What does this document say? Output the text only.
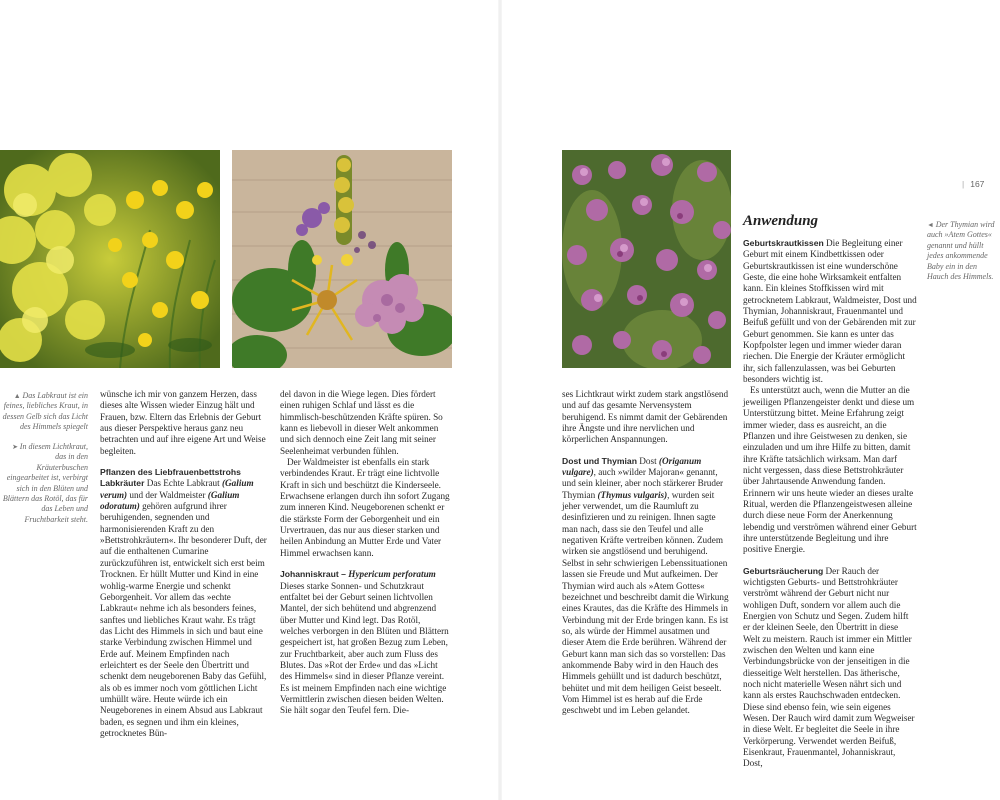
| 167
▲ Das Labkraut ist ein feines, liebliches Kraut, in dessen Gelb sich das Licht des Himmels spiegelt
➤ In diesem Lichtkraut, das in den Kräuterbuschen eingearbeitet ist, verbirgt sich in den Blüten und Blättern das Rotöl, das für das Leben und Fruchtbarkeit steht.

wünsche ich mir von ganzem Herzen, dass dieses alte Wissen wieder Einzug hält und Frauen, bzw. Eltern das Erlebnis der Geburt aus dieser Perspektive heraus ganz neu betrachten und auf ihre eigene Art und Weise begleiten.

Pflanzen des Liebfrauenbettstrohs

Labkräuter Das Echte Labkraut (Galium verum) und der Waldmeister (Galium odoratum) gehören aufgrund ihrer beruhigenden, segnenden und harmonisierenden Kraft zu den »Bettstrohkräutern«. Ihr besonderer Duft, der auf die enthaltenen Cumarine zurückzuführen ist, entwickelt sich erst beim Trocknen. Er hüllt Mutter und Kind in eine wohlig-warme Energie und schenkt Geborgenheit. Vor allem das »echte Labkraut« nehme ich als besonders feines, sanftes und liebliches Kraut wahr. Es trägt das Licht des Himmels in sich und baut eine starke Verbindung zwischen Himmel und Erde auf. Meinem Empfinden nach erleichtert es der Seele den Übertritt und schenkt dem neugeborenen Baby das Gefühl, als ob es immer noch vom göttlichen Licht umhüllt wäre. Heute würde ich ein Neugeborenes in einem Absud aus Labkraut baden, es segnen und ihm ein kleines, getrocknetes Bün-

del davon in die Wiege legen. Dies fördert einen ruhigen Schlaf und lässt es die himmlisch-beschützenden Kräfte spüren. So kann es liebevoll in dieser Welt ankommen und sich dennoch eine Zeit lang mit seiner Seelenheimat verbunden fühlen.

Der Waldmeister ist ebenfalls ein stark verbindendes Kraut. Er trägt eine lichtvolle Kraft in sich und beschützt die Kinderseele. Erwachsene erlangen durch ihn sofort Zugang zum inneren Kind. Neugeborenen schenkt er die stärkste Form der Geborgenheit und ein Urvertrauen, das nur aus dieser starken und heilen Anbindung an Mutter Erde und Vater Himmel erwachsen kann.

Johanniskraut – Hypericum perforatum Dieses starke Sonnen- und Schutzkraut entfaltet bei der Geburt seinen lichtvollen Mantel, der sich behütend und abgrenzend über Mutter und Kind legt. Das Rotöl, welches verborgen in den Blüten und Blättern gespeichert ist, hat großen Bezug zum Leben, zur Fruchtbarkeit, aber auch zum Fluss des Blutes. Das »Rot der Erde« und das »Licht des Himmels« sind in dieser Pflanze vereint. Es ist meinem Empfinden nach eine wichtige Vermittlerin zwischen diesen beiden Welten. Sie hält sogar den Teufel fern. Die-

ses Lichtkraut wirkt zudem stark angstlösend und auf das gesamte Nervensystem beruhigend. Es nimmt damit der Gebärenden ihre Ängste und ihre nervlichen und körperlichen Anspannungen.

Dost und Thymian Dost (Origanum vulgare), auch »wilder Majoran« genannt, und sein kleiner, aber noch stärkerer Bruder Thymian (Thymus vulgaris), wurden seit jeher verwendet, um die Raumluft zu desinfizieren und zu reinigen. Ihnen sagte man nach, dass sie den Teufel und alle negativen Kräfte vertreiben können. Zudem wirken sie angstlösend und beruhigend. Selbst in sehr schwierigen Lebenssituationen lassen sie Freude und Mut aufkeimen. Der Thymian wird auch als »Atem Gottes« bezeichnet und beschreibt damit die Wirkung eines Krautes, das die Kräfte des Himmels in Verbindung mit der Erde bringen kann. Es ist so, als würde der Himmel ausatmen und dieser Atem die Erde berühren. Während der Geburt kann man sich das so vorstellen: Das ankommende Baby wird in den Hauch des Himmels gehüllt und ist dadurch beschützt, behütet und mit dem heiligen Geist beseelt. Vom Himmel ist es herab auf die Erde geschwebt und im Leben gelandet.

Anwendung

Geburtskrautkissen Die Begleitung einer Geburt mit einem Kindbettkissen oder Geburtskrautkissen ist eine wunderschöne Geste, die eine hohe Wirksamkeit entfalten kann. Ein kleines Stoffkissen wird mit getrocknetem Labkraut, Waldmeister, Dost und Thymian, Johanniskraut, Frauenmantel und Beifuß gefüllt und von der Gebärenden mit zur Geburt genommen. Sie kann es unter das Kopfpolster legen und immer wieder daran riechen. Die Energie der Kräuter ermöglicht ihr, sich fallenzulassen, was bei Geburten besonders wichtig ist.

Es unterstützt auch, wenn die Mutter an die jeweiligen Pflanzengeister denkt und diese um Unterstützung bittet. Meine Erfahrung zeigt immer wieder, dass es ausreicht, an die Pflanzen und ihre Geistwesen zu denken, sie einzuladen und um ihre Hilfe zu bitten, damit ihre Kräfte tatsächlich wirksam. Man darf nicht vergessen, dass diese Bettstrohkräuter über Jahrtausende Anwendung fanden. Erinnern wir uns heute wieder an dieses uralte Ritual, werden die Pflanzengeistwesen alleine durch diese neue Form der Anerkennung lebendig und verströmen während einer Geburt ihre unterstützende Begleitung und ihre positive Energie.

Geburtsräucherung Der Rauch der wichtigsten Geburts- und Bettstrohkräuter verströmt während der Geburt nicht nur wohligen Duft, sondern vor allem auch die Energien von Schutz und Segen. Zudem hilft er der kleinen Seele, den Übertritt in diese Welt zu meistern. Rauch ist immer ein Mittler zwischen den Welten und kann eine Verbindungsbrücke von der jenseitigen in die diesseitige Welt herstellen. Das ätherische, noch nicht materielle Wesen nährt sich und kann als erstes Rauchschwaden entdecken. Diese sind ebenso fein, wie sein eigenes Wesen. Der Rauch wird damit zum Wegweiser in diese Welt. Er begleitet die Seele in ihre Verkörperung. Verwendet werden Beifuß, Eisenkraut, Frauenmantel, Johanniskraut, Dost,

◄ Der Thymian wird auch »Atem Gottes« genannt und hüllt jedes ankommende Baby ein in den Hauch des Himmels.
